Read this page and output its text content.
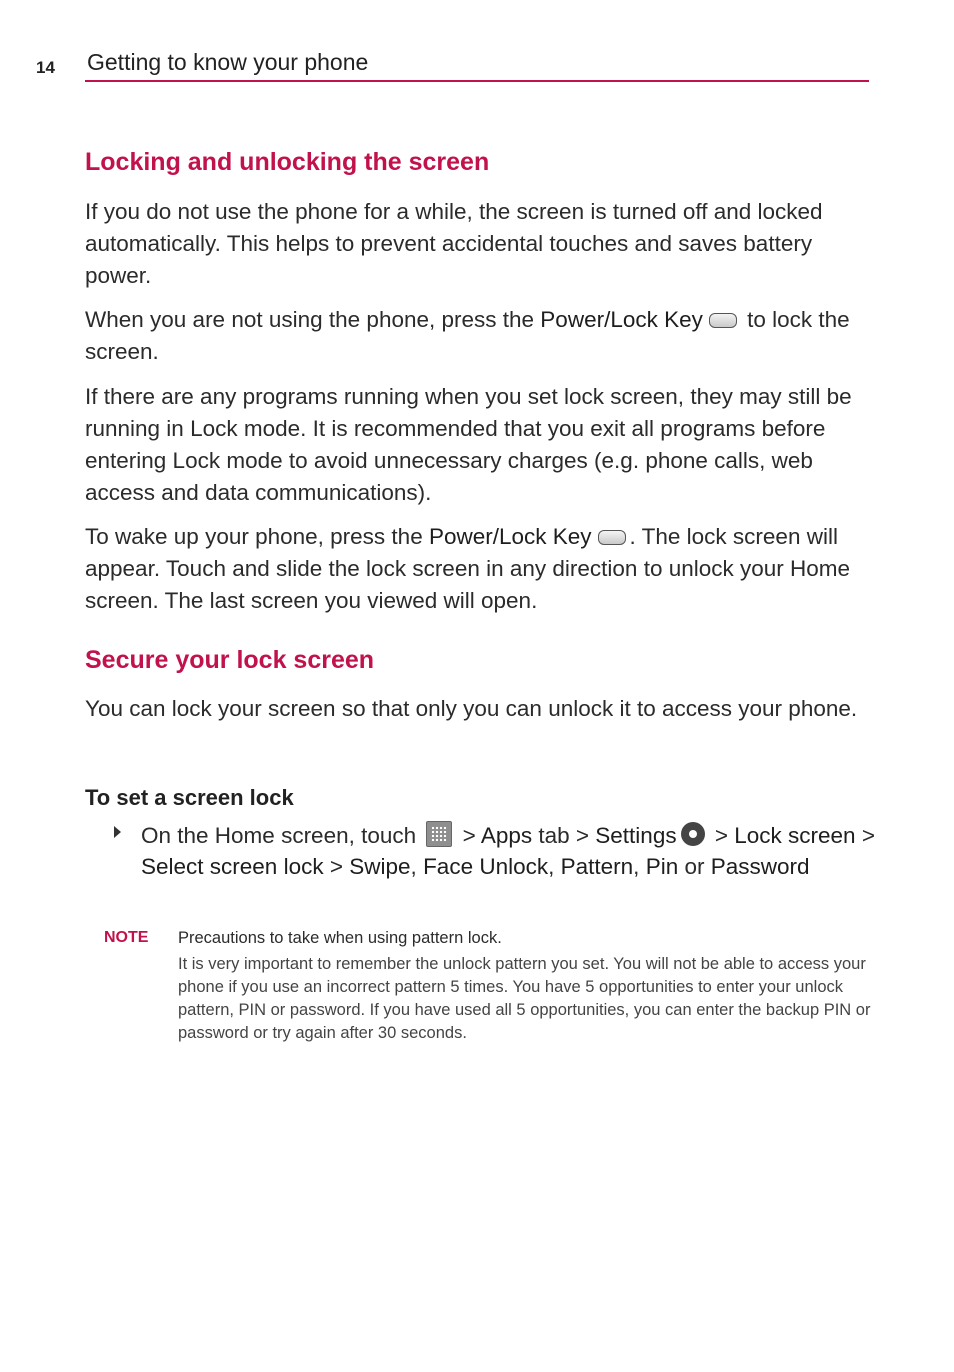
14 Getting to know your phone
Locking and unlocking the screen

If you do not use the phone for a while, the screen is turned off and locked automatically. This helps to prevent accidental touches and saves battery power.

When you are not using the phone, press the Power/Lock Key to lock the screen.

If there are any programs running when you set lock screen, they may still be running in Lock mode. It is recommended that you exit all programs before entering Lock mode to avoid unnecessary charges (e.g. phone calls, web access and data communications).

To wake up your phone, press the Power/Lock Key . The lock screen will appear. Touch and slide the lock screen in any direction to unlock your Home screen. The last screen you viewed will open.

Secure your lock screen

You can lock your screen so that only you can unlock it to access your phone.

To set a screen lock
On the Home screen, touch
> Apps tab > Settings
> Lock screen > Select screen lock > Swipe, Face Unlock, Pattern, Pin or Password
NOTE Precautions to take when using pattern lock.
It is very important to remember the unlock pattern you set. You will not be able to access your phone if you use an incorrect pattern 5 times. You have 5 opportunities to enter your unlock pattern, PIN or password. If you have used all 5 opportunities, you can enter the backup PIN or password or try again after 30 seconds.
